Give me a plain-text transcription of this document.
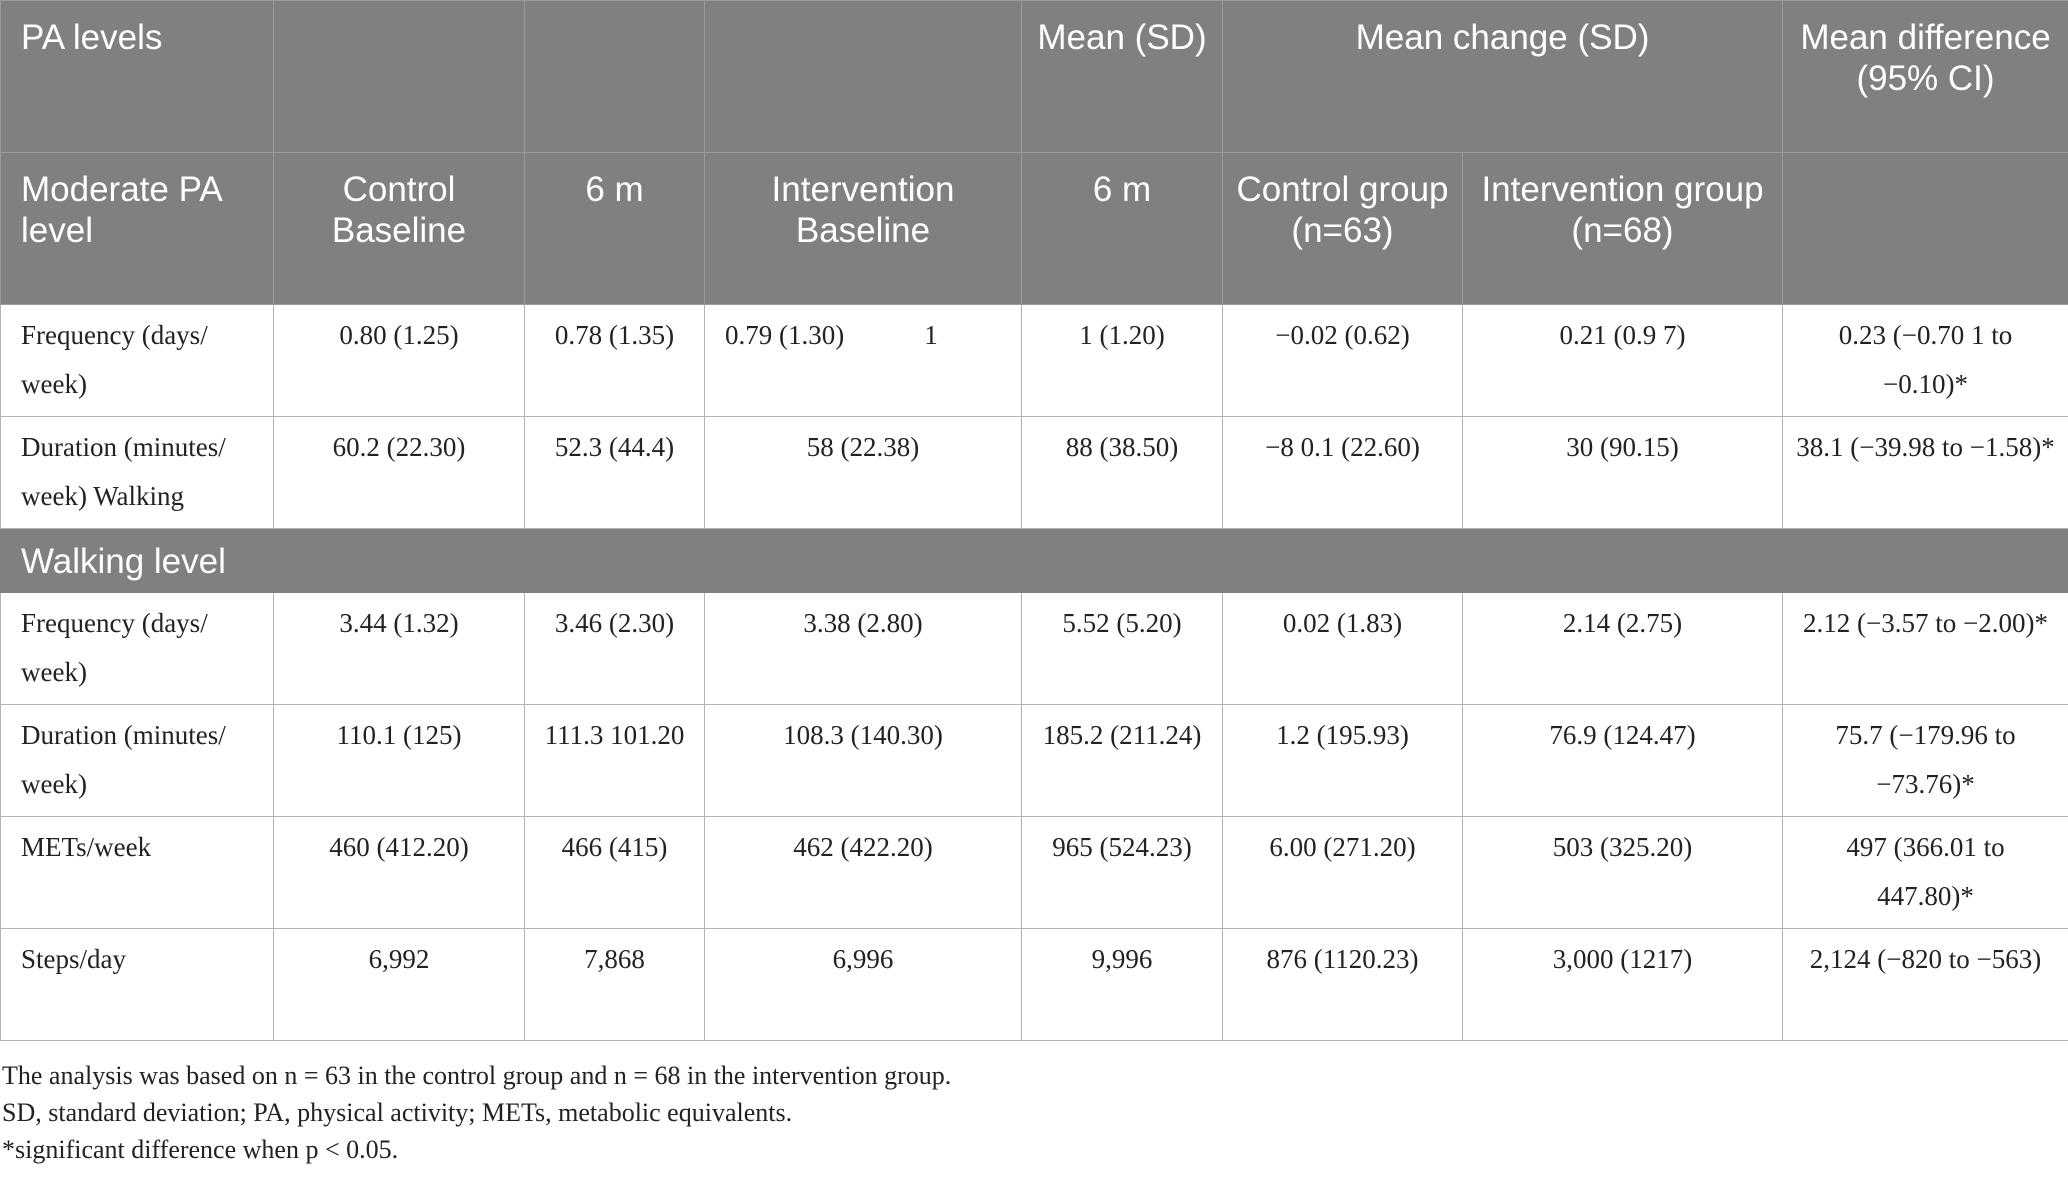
PA levels				Mean (SD)	Mean change (SD)		Mean difference (95% CI)
Moderate PA level	Control Baseline	6 m	Intervention Baseline	6 m	Control group (n=63)	Intervention group (n=68)	
Frequency (days/ week)	0.80 (1.25)	0.78 (1.35)	0.79 (1.30) 1	1 (1.20)	−0.02 (0.62)	0.21 (0.9 7)	0.23 (−0.70 1 to −0.10)*
Duration (minutes/ week) Walking	60.2 (22.30)	52.3 (44.4)	58 (22.38)	88 (38.50)	−8 0.1 (22.60)	30 (90.15)	38.1 (−39.98 to −1.58)*
Walking level							
Frequency (days/ week)	3.44 (1.32)	3.46 (2.30)	3.38 (2.80)	5.52 (5.20)	0.02 (1.83)	2.14 (2.75)	2.12 (−3.57 to −2.00)*
Duration (minutes/ week)	110.1 (125)	111.3 101.20	108.3 (140.30)	185.2 (211.24)	1.2 (195.93)	76.9 (124.47)	75.7 (−179.96 to −73.76)*
METs/week	460 (412.20)	466 (415)	462 (422.20)	965 (524.23)	6.00 (271.20)	503 (325.20)	497 (366.01 to 447.80)*
Steps/day	6,992	7,868	6,996	9,996	876 (1120.23)	3,000 (1217)	2,124 (−820 to −563)

The analysis was based on n = 63 in the control group and n = 68 in the intervention group.

SD, standard deviation; PA, physical activity; METs, metabolic equivalents.

*significant difference when p < 0.05.
